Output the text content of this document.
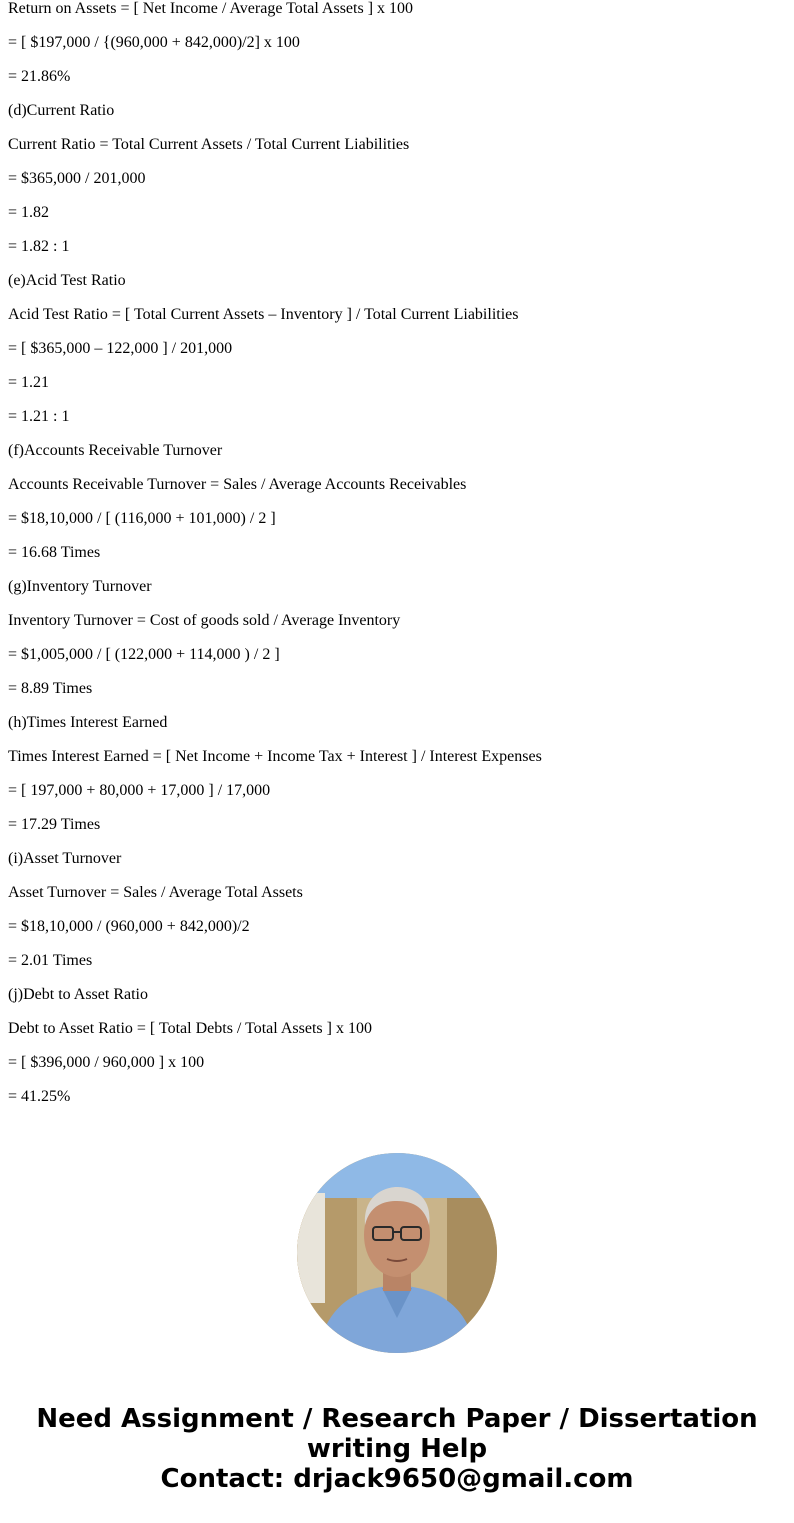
Return on Assets = [ Net Income / Average Total Assets ] x 100
= [ $197,000 / {(960,000 + 842,000)/2] x 100
= 21.86%
(d)Current Ratio
Current Ratio = Total Current Assets / Total Current Liabilities
= $365,000 / 201,000
= 1.82
= 1.82 : 1
(e)Acid Test Ratio
Acid Test Ratio = [ Total Current Assets – Inventory ] / Total Current Liabilities
= [ $365,000 – 122,000 ] / 201,000
= 1.21
= 1.21 : 1
(f)Accounts Receivable Turnover
Accounts Receivable Turnover = Sales / Average Accounts Receivables
= $18,10,000 / [ (116,000 + 101,000) / 2 ]
= 16.68 Times
(g)Inventory Turnover
Inventory Turnover = Cost of goods sold / Average Inventory
= $1,005,000 / [ (122,000 + 114,000 ) / 2 ]
= 8.89 Times
(h)Times Interest Earned
Times Interest Earned = [ Net Income + Income Tax + Interest ] / Interest Expenses
= [ 197,000 + 80,000 + 17,000 ] / 17,000
= 17.29 Times
(i)Asset Turnover
Asset Turnover = Sales / Average Total Assets
= $18,10,000 / (960,000 + 842,000)/2
= 2.01 Times
(j)Debt to Asset Ratio
Debt to Asset Ratio = [ Total Debts / Total Assets ] x 100
= [ $396,000 / 960,000 ] x 100
= 41.25%
Need Assignment / Research Paper / Dissertation
writing Help
Contact: drjack9650@gmail.com
